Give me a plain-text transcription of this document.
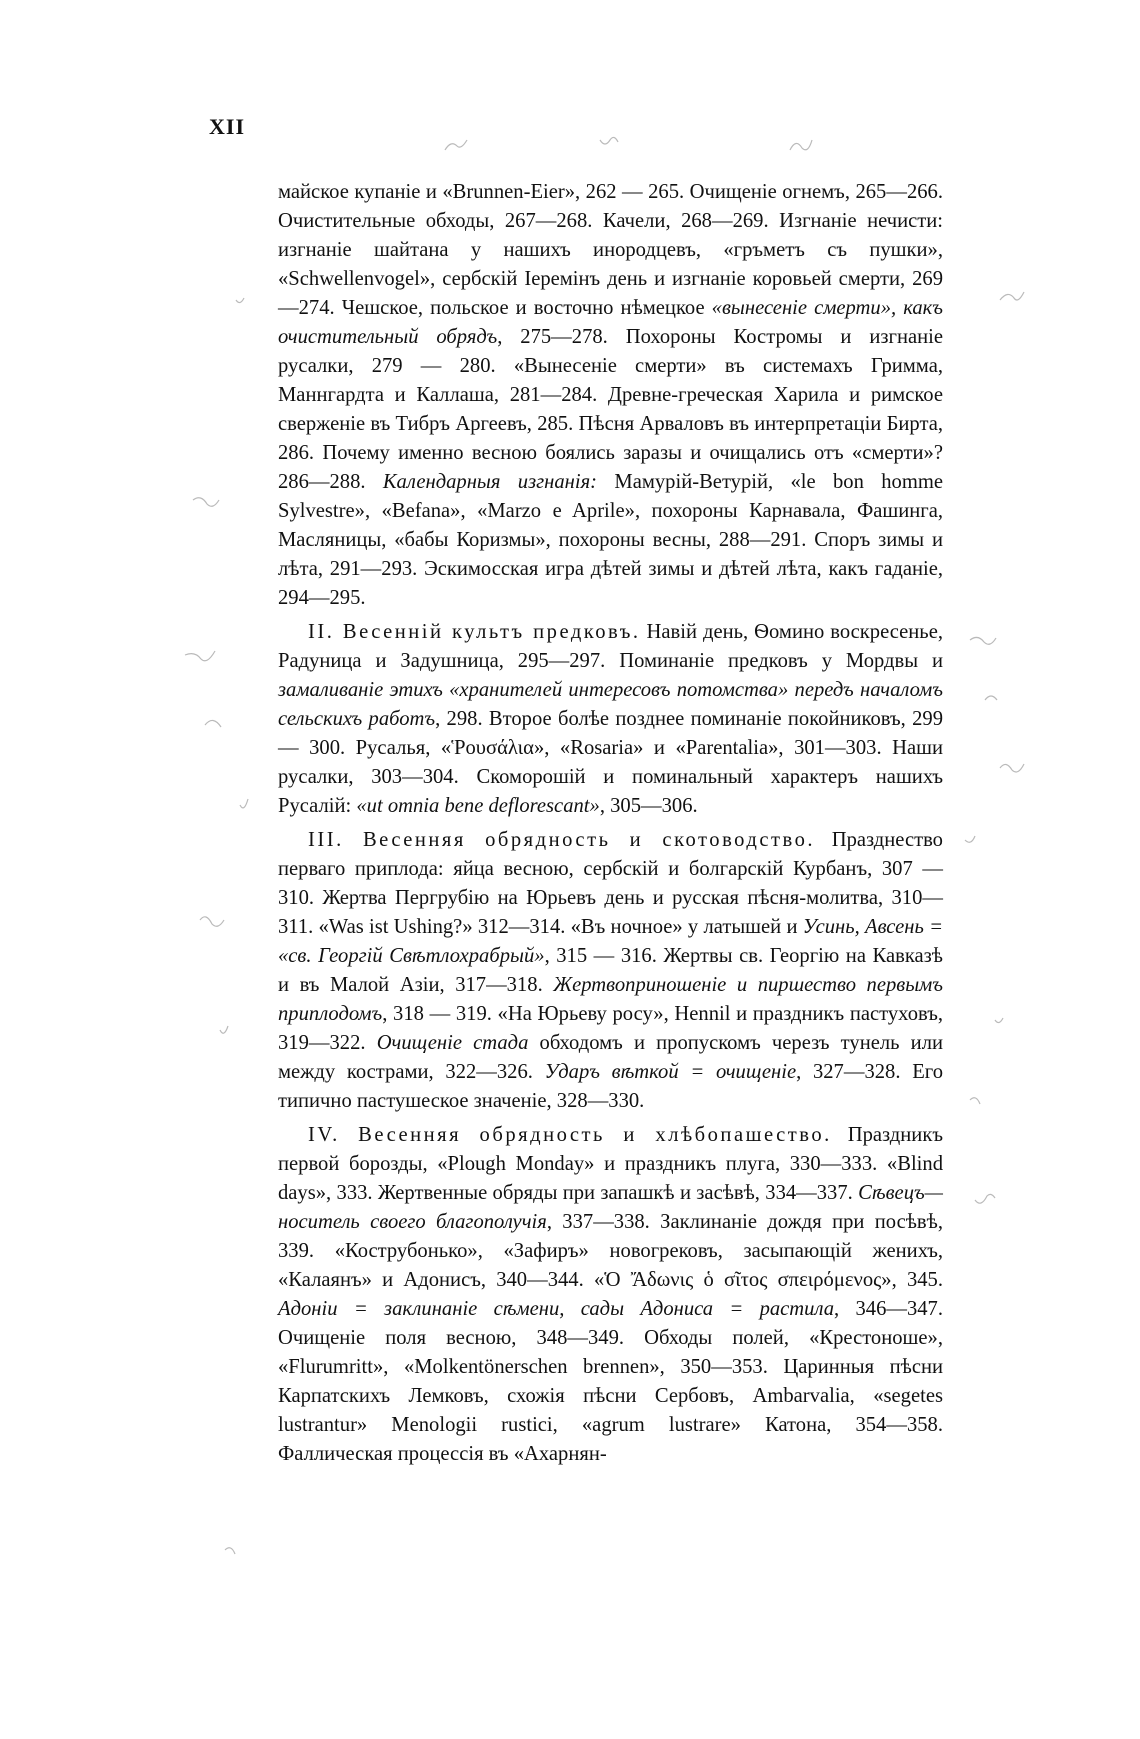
XII

майское купаніе и «Brunnen-Eier», 262 — 265. Очищеніе огнемъ, 265—266. Очистительные обходы, 267—268. Качели, 268—269. Изгнаніе нечисти: изгнаніе шайтана у нашихъ инородцевъ, «гръметъ съ пушки», «Schwellenvogel», сербскій Іеремінъ день и изгнаніе коровьей смерти, 269—274. Чешское, польское и восточно нѣмецкое «вынесеніе смерти», какъ очистительный обрядъ, 275—278. Похороны Костромы и изгнаніе русалки, 279 — 280. «Вынесеніе смерти» въ системахъ Гримма, Маннгардта и Каллаша, 281—284. Древне-греческая Харила и римское сверженіе въ Тибръ Аргеевъ, 285. Пѣсня Арваловъ въ интерпретаціи Бирта, 286. Почему именно весною боялись заразы и очищались отъ «смерти»? 286—288. Календарныя изгнанія: Мамурій-Ветурій, «le bon homme Sylvestre», «Befana», «Marzo e Aprile», похороны Карнавала, Фашинга, Масляницы, «бабы Коризмы», похороны весны, 288—291. Споръ зимы и лѣта, 291—293. Эскимосская игра дѣтей зимы и дѣтей лѣта, какъ гаданіе, 294—295.

II. Весенній культъ предковъ. Навій день, Ѳомино воскресенье, Радуница и Задушница, 295—297. Поминаніе предковъ у Мордвы и замаливаніе этихъ «хранителей интересовъ потомства» передъ началомъ сельскихъ работъ, 298. Второе болѣе позднее поминаніе покойниковъ, 299 — 300. Русалья, «Ῥουσάλια», «Rosaria» и «Parentalia», 301—303. Наши русалки, 303—304. Скоморошій и поминальный характеръ нашихъ Русалій: «ut omnia bene deflorescant», 305—306.

III. Весенняя обрядность и скотоводство. Празднество перваго приплода: яйца весною, сербскій и болгарскій Курбанъ, 307 — 310. Жертва Пергрубію на Юрьевъ день и русская пѣсня-молитва, 310—311. «Was ist Ushing?» 312—314. «Въ ночное» у латышей и Усинь, Авсень = «св. Георгій Свѣтлохрабрый», 315 — 316. Жертвы св. Георгію на Кавказѣ и въ Малой Азіи, 317—318. Жертвоприношеніе и пиршество первымъ приплодомъ, 318 — 319. «На Юрьеву росу», Hennil и праздникъ пастуховъ, 319—322. Очищеніе стада обходомъ и пропускомъ черезъ тунель или между кострами, 322—326. Ударъ вѣткой = очищеніе, 327—328. Его типично пастушеское значеніе, 328—330.

IV. Весенняя обрядность и хлѣбопашество. Праздникъ первой борозды, «Plough Monday» и праздникъ плуга, 330—333. «Blind days», 333. Жертвенные обряды при запашкѣ и засѣвѣ, 334—337. Сѣвецъ—носитель своего благополучія, 337—338. Заклинаніе дождя при посѣвѣ, 339. «Кострубонько», «Зафиръ» новогрековъ, засыпающій женихъ, «Калаянъ» и Адонисъ, 340—344. «Ὁ Ἄδωνις ὁ σῖτος σπειρόμενος», 345. Адоніи = заклинаніе сѣмени, сады Адониса = растила, 346—347. Очищеніе поля весною, 348—349. Обходы полей, «Крестоноше», «Flurumritt», «Molkentönerschen brennen», 350—353. Царинныя пѣсни Карпатскихъ Лемковъ, схожія пѣсни Сербовъ, Ambarvalia, «segetes lustrantur» Menologii rustici, «agrum lustrare» Катона, 354—358. Фаллическая процессія въ «Ахарнян-
